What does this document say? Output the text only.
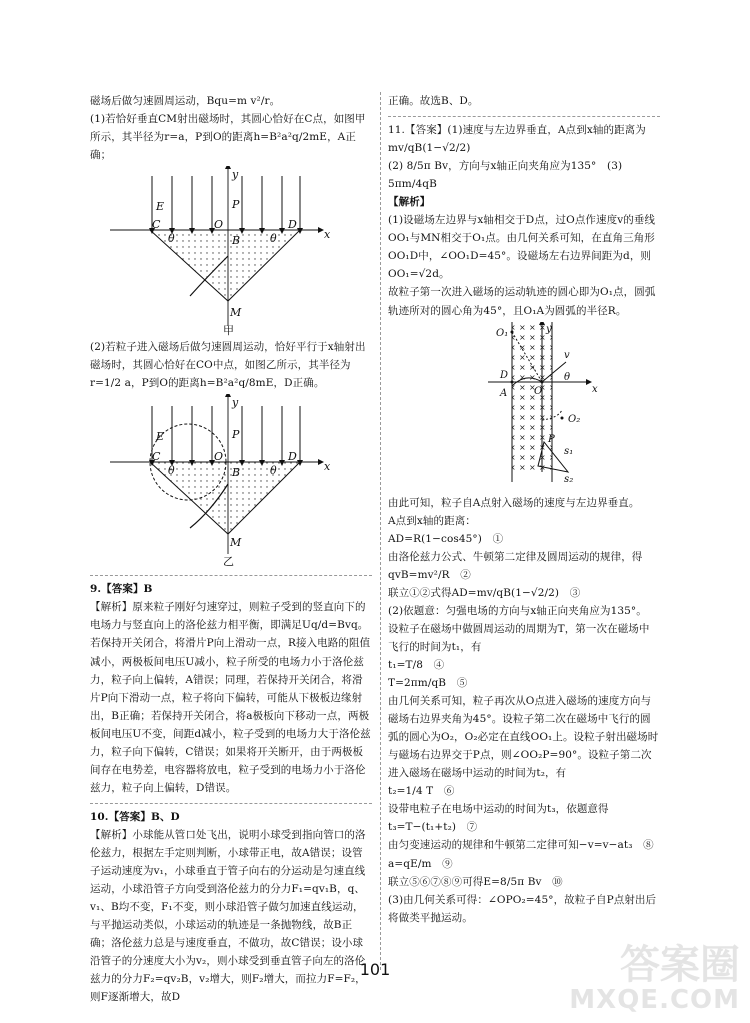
磁场后做匀速圆周运动，Bqu=m v²/r。

(1)若恰好垂直CM射出磁场时，其圆心恰好在C点，如图甲所示，其半径为r=a，P到O的距离h=B²a²q/2mE，A正确；

y
x
E	P
C	O	D
B
M
θ	θ
甲

(2)若粒子进入磁场后做匀速圆周运动，恰好平行于x轴射出磁场时，其圆心恰好在CO中点，如图乙所示，其半径为r=1/2 a，P到O的距离h=B²a²q/8mE，D正确。

y
x
E	P
C	O	D
B
M
θ	θ
乙

9.【答案】B

【解析】原来粒子刚好匀速穿过，则粒子受到的竖直向下的电场力与竖直向上的洛伦兹力相平衡，即满足Uq/d=Bvq。若保持开关闭合，将滑片P向上滑动一点，R接入电路的阻值减小，两极板间电压U减小，粒子所受的电场力小于洛伦兹力，粒子向上偏转，A错误；同理，若保持开关闭合，将滑片P向下滑动一点，粒子将向下偏转，可能从下极板边缘射出，B正确；若保持开关闭合，将a极板向下移动一点，两极板间电压U不变，间距d减小，粒子受到的电场力大于洛伦兹力，粒子向下偏转，C错误；如果将开关断开，由于两极板间存在电势差，电容器将放电，粒子受到的电场力小于洛伦兹力，粒子向上偏转，D错误。

10.【答案】B、D

【解析】小球能从管口处飞出，说明小球受到指向管口的洛伦兹力，根据左手定则判断，小球带正电，故A错误；设管子运动速度为v₁，小球垂直于管子向右的分运动是匀速直线运动，小球沿管子方向受到洛伦兹力的分力F₁=qv₁B，q、v₁、B均不变，F₁不变，则小球沿管子做匀加速直线运动，与平抛运动类似，小球运动的轨迹是一条抛物线，故B正确；洛伦兹力总是与速度垂直，不做功，故C错误；设小球沿管子的分速度大小为v₂，则小球受到垂直管子向左的洛伦兹力的分力F₂=qv₂B，v₂增大，则F₂增大，而拉力F=F₂，则F逐渐增大，故D

正确。故选B、D。

11.【答案】(1)速度与左边界垂直，A点到x轴的距离为 mv/qB(1−√2/2)

(2) 8/5π Bv，方向与x轴正向夹角应为135°　(3) 5πm/4qB

【解析】

(1)设磁场左边界与x轴相交于D点，过O点作速度v的垂线OO₁与MN相交于O₁点。由几何关系可知，在直角三角形OO₁D中，∠OO₁D=45°。设磁场左右边界间距为d，则OO₁=√2d。

故粒子第一次进入磁场的运动轨迹的圆心即为O₁点，圆弧轨迹所对的圆心角为45°，且O₁A为圆弧的半径R。

y
x
O₁
D
A	O
v
θ
O₂
P
s₁
s₂

由此可知，粒子自A点射入磁场的速度与左边界垂直。

A点到x轴的距离：

AD=R(1−cos45°)　①

由洛伦兹力公式、牛顿第二定律及圆周运动的规律，得

qvB=mv²/R　②

联立①②式得AD=mv/qB(1−√2/2)　③

(2)依题意：匀强电场的方向与x轴正向夹角应为135°。

设粒子在磁场中做圆周运动的周期为T，第一次在磁场中飞行的时间为t₁，有

t₁=T/8　④

T=2πm/qB　⑤

由几何关系可知，粒子再次从O点进入磁场的速度方向与磁场右边界夹角为45°。设粒子第二次在磁场中飞行的圆弧的圆心为O₂，O₂必定在直线OO₁上。设粒子射出磁场时与磁场右边界交于P点，则∠OO₂P=90°。设粒子第二次进入磁场在磁场中运动的时间为t₂，有

t₂=1/4 T　⑥

设带电粒子在电场中运动的时间为t₃，依题意得

t₃=T−(t₁+t₂)　⑦

由匀变速运动的规律和牛顿第二定律可知−v=v−at₃　⑧

a=qE/m　⑨

联立⑤⑥⑦⑧⑨可得E=8/5π Bv　⑩

(3)由几何关系可得：∠OPO₂=45°，故粒子自P点射出后将做类平抛运动。

101	答案圈
MXQE.COM
